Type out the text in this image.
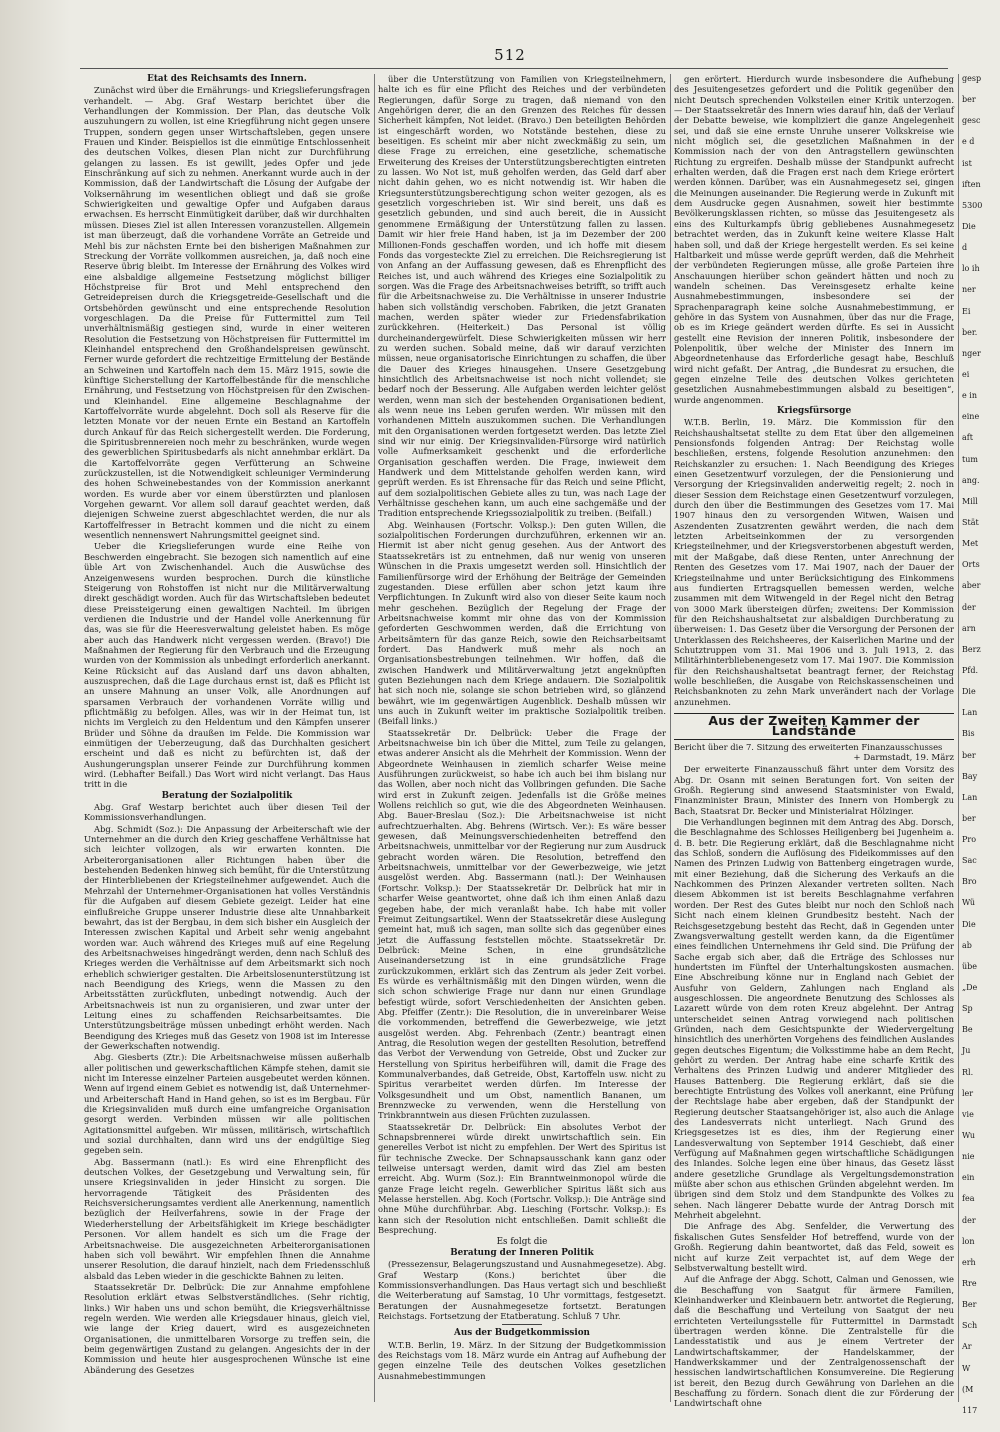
512

Etat des Reichsamts des Innern.

Zunächst wird über die Ernährungs- und Kriegslieferungsfragen verhandelt. — Abg. Graf Westarp berichtet über die Verhandlungen der Kommission. Der Plan, das deutsche Volk auszuhungern zu wollen, ist eine Kriegführung nicht gegen unsere Truppen, sondern gegen unser Wirtschaftsleben, gegen unsere Frauen und Kinder. Beispiellos ist die einmütige Entschlossenheit des deutschen Volkes, diesen Plan nicht zur Durchführung gelangen zu lassen. Es ist gewillt, jedes Opfer und jede Einschränkung auf sich zu nehmen. Anerkannt wurde auch in der Kommission, daß der Landwirtschaft die Lösung der Aufgabe der Volksernährung im wesentlichen obliegt und daß sie große Schwierigkeiten und gewaltige Opfer und Aufgaben daraus erwachsen. Es herrscht Einmütigkeit darüber, daß wir durchhalten müssen. Dieses Ziel ist allen Interessen voranzustellen. Allgemein ist man überzeugt, daß die vorhandene Vorräte an Getreide und Mehl bis zur nächsten Ernte bei den bisherigen Maßnahmen zur Streckung der Vorräte vollkommen ausreichen, ja, daß noch eine Reserve übrig bleibt. Im Interesse der Ernährung des Volkes wird eine alsbaldige allgemeine Festsetzung möglichst billiger Höchstpreise für Brot und Mehl entsprechend den Getreidepreisen durch die Kriegsgetreide-Gesellschaft und die Ortsbehörden gewünscht und eine entsprechende Resolution vorgeschlagen. Da die Preise für Futtermittel zum Teil unverhältnismäßig gestiegen sind, wurde in einer weiteren Resolution die Festsetzung von Höchstpreisen für Futtermittel im Kleinhandel entsprechend den Großhandelspreisen gewünscht. Ferner wurde gefordert die rechtzeitige Ermittelung der Bestände an Schweinen und Kartoffeln nach dem 15. März 1915, sowie die künftige Sicherstellung der Kartoffelbestände für die menschliche Ernährung, und Festsetzung von Höchstpreisen für den Zwischen- und Kleinhandel. Eine allgemeine Beschlagnahme der Kartoffelvorräte wurde abgelehnt. Doch soll als Reserve für die letzten Monate vor der neuen Ernte ein Bestand an Kartoffeln durch Ankauf für das Reich sichergestellt werden. Die Forderung, die Spiritusbrennereien noch mehr zu beschränken, wurde wegen des gewerblichen Spiritusbedarfs als nicht annehmbar erklärt. Da die Kartoffelvorräte gegen Verfütterung an Schweine zurückzustellen, ist die Notwendigkeit schleuniger Verminderung des hohen Schweinebestandes von der Kommission anerkannt worden. Es wurde aber vor einem überstürzten und planlosen Vorgehen gewarnt. Vor allem soll darauf geachtet werden, daß diejenigen Schweine zuerst abgeschlachtet werden, die nur als Kartoffelfresser in Betracht kommen und die nicht zu einem wesentlich nennenswert Nahrungsmittel geeignet sind.

Ueber die Kriegslieferungen wurde eine Reihe von Beschwerden eingebracht. Sie bezogen sich namentlich auf eine üble Art von Zwischenhandel. Auch die Auswüchse des Anzeigenwesens wurden besprochen. Durch die künstliche Steigerung von Rohstoffen ist nicht nur die Militärverwaltung direkt geschädigt worden. Auch für das Wirtschaftsleben bedeutet diese Preissteigerung einen gewaltigen Nachteil. Im übrigen verdienen die Industrie und der Handel volle Anerkennung für das, was sie für die Heeresverwaltung geleistet haben. Es möge aber auch das Handwerk nicht vergessen werden. (Bravo!) Die Maßnahmen der Regierung für den Verbrauch und die Erzeugung wurden von der Kommission als unbedingt erforderlich anerkannt. Keine Rücksicht auf das Ausland darf uns davon abhalten, auszusprechen, daß die Lage durchaus ernst ist, daß es Pflicht ist an unsere Mahnung an unser Volk, alle Anordnungen auf sparsamen Verbrauch der vorhandenen Vorräte willig und pflichtmäßig zu befolgen. Alles, was wir in der Heimat tun, ist nichts im Vergleich zu den Heldentum und den Kämpfen unserer Brüder und Söhne da draußen im Felde. Die Kommission war einmütigen der Ueberzeugung, daß das Durchhalten gesichert erscheint und daß es nicht zu befürchten ist, daß der Aushungerungsplan unserer Feinde zur Durchführung kommen wird. (Lebhafter Beifall.) Das Wort wird nicht verlangt. Das Haus tritt in die

Beratung der Sozialpolitik

Abg. Graf Westarp berichtet auch über diesen Teil der Kommissionsverhandlungen.

Abg. Schmidt (Soz.): Die Anpassung der Arbeiterschaft wie der Unternehmer an die durch den Krieg geschaffene Verhältnisse hat sich leichter vollzogen, als wir erwarten konnten. Die Arbeiterorganisationen aller Richtungen haben über die bestehenden Bedenken hinweg sich bemüht, für die Unterstützung der Hinterbliebenen der Kriegsteilnehmer aufgewendet. Auch die Mehrzahl der Unternehmer-Organisationen hat volles Verständnis für die Aufgaben auf diesem Gebiete gezeigt. Leider hat eine einflußreiche Gruppe unserer Industrie diese alte Unnahbarkeit bewahrt, das ist der Bergbau, in dem sich bisher ein Ausgleich der Interessen zwischen Kapital und Arbeit sehr wenig angebahnt worden war. Auch während des Krieges muß auf eine Regelung des Arbeitsnachweises hingedrängt werden, denn nach Schluß des Krieges werden die Verhältnisse auf dem Arbeitsmarkt sich noch erheblich schwieriger gestalten. Die Arbeitslosenunterstützung ist nach Beendigung des Kriegs, wenn die Massen zu den Arbeitsstätten zurückfluten, unbedingt notwendig. Auch der Arbeitsnachweis ist nun zu organisieren, und zwar unter der Leitung eines zu schaffenden Reichsarbeitsamtes. Die Unterstützungsbeiträge müssen unbedingt erhöht werden. Nach Beendigung des Krieges muß das Gesetz von 1908 ist im Interesse der Gewerkschaften notwendig.

Abg. Giesberts (Ztr.): Die Arbeitsnachweise müssen außerhalb aller politischen und gewerkschaftlichen Kämpfe stehen, damit sie nicht im Interesse einzelner Parteien ausgebeutet werden können. Wenn auf irgend einem Gebiet es notwendig ist, daß Unternehmer- und Arbeiterschaft Hand in Hand gehen, so ist es im Bergbau. Für die Kriegsinvaliden muß durch eine umfangreiche Organisation gesorgt werden. Verbinden müssen wir alle politischen Agitationsmittel aufgeben. Wir müssen, militärisch, wirtschaftlich und sozial durchhalten, dann wird uns der endgültige Sieg gegeben sein.

Abg. Bassermann (natl.): Es wird eine Ehrenpflicht des deutschen Volkes, der Gesetzgebung und Verwaltung sein, für unsere Kriegsinvaliden in jeder Hinsicht zu sorgen. Die hervorragende Tätigkeit des Präsidenten des Reichsversicherungsamtes verdient alle Anerkennung, namentlich bezüglich der Heilverfahrens, sowie in der Frage der Wiederherstellung der Arbeitsfähigkeit im Kriege beschädigter Personen. Vor allem handelt es sich um die Frage der Arbeitsnachweise. Die ausgezeichneten Arbeiterorganisationen haben sich voll bewährt. Wir empfehlen Ihnen die Annahme unserer Resolution, die darauf hinzielt, nach dem Friedensschluß alsbald das Leben wieder in die geschickte Bahnen zu leiten.

Staatssekretär Dr. Delbrück: Die zur Annahme empfohlene Resolution erklärt etwas Selbstverständliches. (Sehr richtig, links.) Wir haben uns und schon bemüht, die Kriegsverhältnisse regeln werden. Wie werden alle Kriegsdauer hinaus, gleich viel, wie lange der Krieg dauert, wird es ausgezeichneten Organisationen, die unmittelbaren Vorsorge zu treffen sein, die beim gegenwärtigen Zustand zu gelangen. Angesichts der in der Kommission und heute hier ausgesprochenen Wünsche ist eine Abänderung des Gesetzes

über die Unterstützung von Familien von Kriegsteilnehmern, halte ich es für eine Pflicht des Reiches und der verbündeten Regierungen, dafür Sorge zu tragen, daß niemand von den Angehörigen derer, die an den Grenzen des Reiches für dessen Sicherheit kämpfen, Not leidet. (Bravo.) Den beteiligten Behörden ist eingeschärft worden, wo Notstände bestehen, diese zu beseitigen. Es scheint mir aber nicht zweckmäßig zu sein, um diese Frage zu erreichen, eine gesetzliche, schematische Erweiterung des Kreises der Unterstützungsberechtigten eintreten zu lassen. Wo Not ist, muß geholfen werden, das Geld darf aber nicht dahin gehen, wo es nicht notwendig ist. Wir haben die Kriegsunterstützungsberechtigung schon weiter gezogen, als es gesetzlich vorgeschrieben ist. Wir sind bereit, uns daß es gesetzlich gebunden, und sind auch bereit, die in Aussicht genommene Ermäßigung der Unterstützung fallen zu lassen. Damit wir hier freie Hand haben, ist ja im Dezember der 200 Millionen-Fonds geschaffen worden, und ich hoffe mit diesem Fonds das vorgesteckte Ziel zu erreichen. Die Reichsregierung ist von Anfang an der Auffassung gewesen, daß es Ehrenpflicht des Reiches ist, und auch während des Krieges eine Sozialpolitik zu sorgen. Was die Frage des Arbeitsnachweises betrifft, so trifft auch für die Arbeitsnachweise zu. Die Verhältnisse in unserer Industrie haben sich vollständig verschoben. Fabriken, die jetzt Granaten machen, werden später wieder zur Friedensfabrikation zurückkehren. (Heiterkeit.) Das Personal ist völlig durcheinandergewürfelt. Diese Schwierigkeiten müssen wir herr zu werden suchen. Sobald meine, daß wir darauf verzichten müssen, neue organisatorische Einrichtungen zu schaffen, die über die Dauer des Krieges hinausgehen. Unsere Gesetzgebung hinsichtlich des Arbeitsnachweise ist noch nicht vollendet; sie bedarf noch der Besserung. Alle Aufgaben werden leichter gelöst werden, wenn man sich der bestehenden Organisationen bedient, als wenn neue ins Leben gerufen werden. Wir müssen mit den vorhandenen Mitteln auszukommen suchen. Die Verhandlungen mit den Organisationen werden fortgesetzt werden. Das letzte Ziel sind wir nur einig. Der Kriegsinvaliden-Fürsorge wird natürlich volle Aufmerksamkeit geschenkt und die erforderliche Organisation geschaffen werden. Die Frage, inwieweit dem Handwerk und dem Mittelstande geholfen werden kann, wird geprüft werden. Es ist Ehrensache für das Reich und seine Pflicht, auf dem sozialpolitischen Gebiete alles zu tun, was nach Lage der Verhältnisse geschehen kann, um auch eine sachgemäße und der Tradition entsprechende Kriegssozialpolitik zu treiben. (Beifall.)

Abg. Weinhausen (Fortschr. Volksp.): Den guten Willen, die sozialpolitischen Forderungen durchzuführen, erkennen wir an. Hiermit ist aber nicht genug gesehen. Aus der Antwort des Staatssekretärs ist zu entnehmen, daß nur wenig von unseren Wünschen in die Praxis umgesetzt werden soll. Hinsichtlich der Familienfürsorge wird der Erhöhung der Beiträge der Gemeinden zugestanden. Diese erfüllen aber schon jetzt kaum ihre Verpflichtungen. In Zukunft wird also von dieser Seite kaum noch mehr geschehen. Bezüglich der Regelung der Frage der Arbeitsnachweise kommt mir ohne das von der Kommission geforderten Geschwommen werden, daß die Errichtung von Arbeitsämtern für das ganze Reich, sowie den Reichsarbeitsamt fordert. Das Handwerk muß mehr als noch an Organisationsbestrebungen teilnehmen. Wir hoffen, daß die zwischen Handwerk und Militärverwaltung jetzt angeknüpften guten Beziehungen nach dem Kriege andauern. Die Sozialpolitik hat sich noch nie, solange sie schon betrieben wird, so glänzend bewährt, wie im gegenwärtigen Augenblick. Deshalb müssen wir uns auch in Zukunft weiter im praktische Sozialpolitik treiben. (Beifall links.)

Staatssekretär Dr. Delbrück: Ueber die Frage der Arbeitsnachweise bin ich über die Mittel, zum Teile zu gelangen, etwas anderer Ansicht als die Mehrheit der Kommission. Wenn der Abgeordnete Weinhausen in ziemlich scharfer Weise meine Ausführungen zurückweist, so habe ich auch bei ihm bislang nur das Wollen, aber noch nicht das Vollbringen gefunden. Die Sache wird erst in Zukunft zeigen. Jedenfalls ist die Größe meines Wollens reichlich so gut, wie die des Abgeordneten Weinhausen. Abg. Bauer-Breslau (Soz.): Die Arbeitsnachweise ist nicht aufrechtzuerhalten. Abg. Behrens (Wirtsch. Ver.): Es wäre besser gewesen, daß Meinungsverschiedenheiten betreffend den Arbeitsnachweis, unmittelbar vor der Regierung nur zum Ausdruck gebracht worden wären. Die Resolution, betreffend den Arbeitsnachweis, unmittelbar vor der Gewerbezweige, wie jetzt ausgelöst werden. Abg. Bassermann (natl.): Der Weinhausen (Fortschr. Volksp.): Der Staatssekretär Dr. Delbrück hat mir in scharfer Weise geantwortet, ohne daß ich ihm einen Anlaß dazu gegeben habe, der mich veranlaßt habe. Ich habe mit voller Freimut Zeitungsartikel. Wenn der Staatssekretär diese Auslegung gemeint hat, muß ich sagen, man sollte sich das gegenüber eines jetzt die Auffassung feststellen möchte. Staatssekretär Dr. Delbrück: Meine Schen, in eine grundsätzliche Auseinandersetzung ist in eine grundsätzliche Frage zurückzukommen, erklärt sich das Zentrum als jeder Zeit vorbei. Es würde es verhältnismäßig mit den Dingen würden, wenn die sich schon schwierige Frage nur dann nur einen Grundlage befestigt würde, sofort Verschiedenheiten der Ansichten geben. Abg. Pfeiffer (Zentr.): Die Resolution, die in unvereinbarer Weise die vorkommenden, betreffend die Gewerbezweige, wie jetzt ausgelöst werden. Abg. Fehrenbach (Zentr.) beantragt einen Antrag, die Resolution wegen der gestellten Resolution, betreffend das Verbot der Verwendung von Getreide, Obst und Zucker zur Herstellung von Spiritus herbeiführen will, damit die Frage des Kommunalverbandes, daß Getreide, Obst, Kartoffeln usw. nicht zu Spiritus verarbeitet werden dürfen. Im Interesse der Volksgesundheit und um Obst, namentlich Bananen, um Brennzwecke zu verwenden, wenn die Herstellung von Trinkbranntwein aus diesen Früchten zuzulassen.

Staatssekretär Dr. Delbrück: Ein absolutes Verbot der Schnapsbrennerei würde direkt unwirtschaftlich sein. Ein generelles Verbot ist nicht zu empfehlen. Der Wert des Spiritus ist für technische Zwecke. Der Schnapsausschank kann ganz oder teilweise untersagt werden, damit wird das Ziel am besten erreicht. Abg. Wurm (Soz.): Ein Branntweinmonopol würde die ganze Frage leicht regeln. Gewerblicher Spiritus läßt sich aus Melasse herstellen. Abg. Koch (Fortschr. Volksp.): Die Anträge sind ohne Mühe durchführbar. Abg. Liesching (Fortschr. Volksp.): Es kann sich der Resolution nicht entschließen. Damit schließt die Besprechung.

Es folgt die

Beratung der Inneren Politik

(Pressezensur, Belagerungszustand und Ausnahmegesetze). Abg. Graf Westarp (Kons.) berichtet über die Kommissionsverhandlungen. Das Haus vertagt sich und beschließt die Weiterberatung auf Samstag, 10 Uhr vormittags, festgesetzt. Beratungen der Ausnahmegesetze fortsetzt. Beratungen Reichstags. Fortsetzung der Etatberatung. Schluß 7 Uhr.

Aus der Budgetkommission

W.T.B. Berlin, 19. März. In der Sitzung der Budgetkommission des Reichstags vom 18. März wurde ein Antrag auf Aufhebung der gegen einzelne Teile des deutschen Volkes gesetzlichen Ausnahmebestimmungen

gen erörtert. Hierdurch wurde insbesondere die Aufhebung des Jesuitengesetzes gefordert und die Politik gegenüber den nicht Deutsch sprechenden Volksteilen einer Kritik unterzogen. — Der Staatssekretär des Innern wies darauf hin, daß der Verlauf der Debatte beweise, wie kompliziert die ganze Angelegenheit sei, und daß sie eine ernste Unruhe unserer Volkskreise wie nicht möglich sei, die gesetzlichen Maßnahmen in der Kommission nach der von den Antragstellern gewünschten Richtung zu ergreifen. Deshalb müsse der Standpunkt aufrecht erhalten werden, daß die Fragen erst nach dem Kriege erörtert werden können. Darüber, was ein Ausnahmegesetz sei, gingen die Meinungen auseinander. Die Regierung werde in Zukunft mit dem Ausdrucke gegen Ausnahmen, soweit hier bestimmte Bevölkerungsklassen richten, so müsse das Jesuitengesetz als eins des Kulturkampfs übrig gebliebenes Ausnahmegesetz betrachtet werden, das in Zukunft keine weitere Klasse Halt haben soll, und daß der Kriege hergestellt werden. Es sei keine Haltbarkeit und müsse werde geprüft werden, daß die Mehrheit der verbündeten Regierungen müsse, alle große Parteien ihre Anschauungen hierüber schon geändert hätten und noch zu wandeln scheinen. Das Vereinsgesetz erhalte keine Ausnahmebestimmungen, insbesondere sei der Sprachenparagraph keine solche Ausnahmebestimmung, er gehöre in das System von Ausnahmen, über das nur die Frage, ob es im Kriege geändert werden dürfte. Es sei in Aussicht gestellt eine Revision der inneren Politik, insbesondere der Polenpolitik, über welche der Minister des Innern im Abgeordnetenhause das Erforderliche gesagt habe, Beschluß wird nicht gefaßt. Der Antrag, „die Bundesrat zu ersuchen, die gegen einzelne Teile des deutschen Volkes gerichteten gesetzlichen Ausnahmebestimmungen alsbald zu beseitigen“, wurde angenommen.

Kriegsfürsorge

W.T.B. Berlin, 19. März. Die Kommission für den Reichshaushaltsetat stellte zu dem Etat über den allgemeinen Pensionsfonds folgenden Antrag: Der Reichstag wolle beschließen, erstens, folgende Resolution anzunehmen: den Reichskanzler zu ersuchen: 1. Nach Beendigung des Krieges einen Gesetzentwurf vorzulegen, der die Pensionierung und Versorgung der Kriegsinvaliden anderweitig regelt; 2. noch in dieser Session dem Reichstage einen Gesetzentwurf vorzulegen, durch den über die Bestimmungen des Gesetzes vom 17. Mai 1907 hinaus den zu versorgenden Witwen, Waisen und Aszendenten Zusatzrenten gewährt werden, die nach dem letzten Arbeitseinkommen der zu versorgenden Kriegsteilnehmer, und der Kriegsverstorbenen abgestuft werden, mit der Maßgabe, daß diese Renten, unter Anrechnung der Renten des Gesetzes vom 17. Mai 1907, nach der Dauer der Kriegsteilnahme und unter Berücksichtigung des Einkommens aus fundierten Ertragsquellen bemessen werden, welche zusammen mit dem Witwengeld in der Regel nicht den Betrag von 3000 Mark übersteigen dürfen; zweitens: Der Kommission für den Reichshaushaltsetat zur alsbaldigen Durchberatung zu überweisen: 1. Das Gesetz über die Versorgung der Personen der Unterklassen des Reichsheeres, der Kaiserlichen Marine und der Schutztruppen vom 31. Mai 1906 und 3. Juli 1913, 2. das Militärhinterbliebenengesetz vom 17. Mai 1907. Die Kommission für den Reichshaushaltsetat beantragt ferner, der Reichstag wolle beschließen, die Ausgabe von Reichskassenscheinen und Reichsbanknoten zu zehn Mark unverändert nach der Vorlage anzunehmen.

Aus der Zweiten Kammer der Landstände

Bericht über die 7. Sitzung des erweiterten Finanzausschusses

+ Darmstadt, 19. März

Der erweiterte Finanzausschuß fährt unter dem Vorsitz des Abg. Dr. Osann mit seinen Beratungen fort. Von seiten der Großh. Regierung sind anwesend Staatsminister von Ewald, Finanzminister Braun, Minister des Innern von Hombergk zu Bach, Staatsrat Dr. Becker und Ministerialrat Hölzinger.

Die Verhandlungen beginnen mit dem Antrag des Abg. Dorsch, die Beschlagnahme des Schlosses Heiligenberg bei Jugenheim a. d. B. betr. Die Regierung erklärt, daß die Beschlagnahme nicht das Schloß, sondern die Auflösung des Fideikommisses auf den Namen des Prinzen Ludwig von Battenberg eingetragen wurde, mit einer Beziehung, daß die Sicherung des Verkaufs an die Nachkommen des Prinzen Alexander vertreten sollten. Nach diesem Abkommen ist ist bereits Beschlagnahme verfahren worden. Der Rest des Gutes bleibt nur noch den Schloß nach Sicht nach einem kleinen Grundbesitz besteht. Nach der Reichsgesetzgebung besteht das Recht, daß in Gegenden unter Zwangsverwaltung gestellt werden kann, da die Eigentümer eines feindlichen Unternehmens ihr Geld sind. Die Prüfung der Sache ergab sich aber, daß die Erträge des Schlosses nur hundertsten im Fünftel der Unterhaltungskosten ausmachen. Eine Abschreibung könne nur in England nach Gebiet der Ausfuhr von Geldern, Zahlungen nach England als ausgeschlossen. Die angeordnete Benutzung des Schlosses als Lazarett würde von dem roten Kreuz abgelehnt. Der Antrag unterscheidet seinen Antrag vorwiegend nach politischen Gründen, nach dem Gesichtspunkte der Wiedervergeltung hinsichtlich des unerhörten Vorgehens des feindlichen Auslandes gegen deutsches Eigentum; die Volksstimme habe an dem Recht, gehört zu werden. Der Antrag habe eine scharfe Kritik des Verhaltens des Prinzen Ludwig und anderer Mitglieder des Hauses Battenberg. Die Regierung erklärt, daß sie die berechtigte Entrüstung des Volkes voll anerkannt, eine Prüfung der Rechtslage habe aber ergeben, daß der Standpunkt der Regierung deutscher Staatsangehöriger ist, also auch die Anlage des Landesverrats nicht unterliegt. Nach Grund des Kriegsgesetzes ist es dies, ihm der Regierung einer Landesverwaltung von September 1914 Geschiebt, daß einer Verfügung auf Maßnahmen gegen wirtschaftliche Schädigungen des Inlandes. Solche legen eine über hinaus, das Gesetz lässt andere gesetzliche Grundlage als Vergeltungsdemonstration müßte aber schon aus ethischen Gründen abgelehnt werden. Im übrigen sind dem Stolz und dem Standpunkte des Volkes zu sehen. Nach längerer Debatte wurde der Antrag Dorsch mit Mehrheit abgelehnt.

Die Anfrage des Abg. Senfelder, die Verwertung des fiskalischen Gutes Sensfelder Hof betreffend, wurde von der Großh. Regierung dahin beantwortet, daß das Feld, soweit es nicht auf kurze Zeit verpachtet ist, auf dem Wege der Selbstverwaltung bestellt wird.

Auf die Anfrage der Abgg. Schott, Calman und Genossen, wie die Beschaffung von Saatgut für ärmere Familien, Kleinhandwerker und Kleinbauern betr. antwortet die Regierung, daß die Beschaffung und Verteilung von Saatgut der neu errichteten Verteilungsstelle für Futtermittel in Darmstadt übertragen werden könne. Die Zentralstelle für die Landesstatistik und aus je einem Vertreter der Landwirtschaftskammer, der Handelskammer, der Handwerkskammer und der Zentralgenossenschaft der hessischen landwirtschaftlichen Konsumvereine. Die Regierung ist bereit, den Bezug durch Gewährung von Darlehen an die Beschaffung zu fördern. Sonach dient die zur Förderung der Landwirtschaft ohne

gesp

ber

gesc

e d

ist

iften

5300

Die

d

lo ih

ner

Ei

ber.

nger

ei

e in

eine

aft

tum

ang.

Mill

Stät

Met

Orts

aber

der

arn

Berz

Pfd.

Die

Lan

Bis

ber

Bay

Lan

ber

Pro

Sac

Bro

Wü

Die

ab

übe

„De

Sp

Be

Ju

Rl.

ler

vie

Wu

nie

ein

fea

der

lon

erh

Rre

Ber

Sch

Ar

W

(M

117
